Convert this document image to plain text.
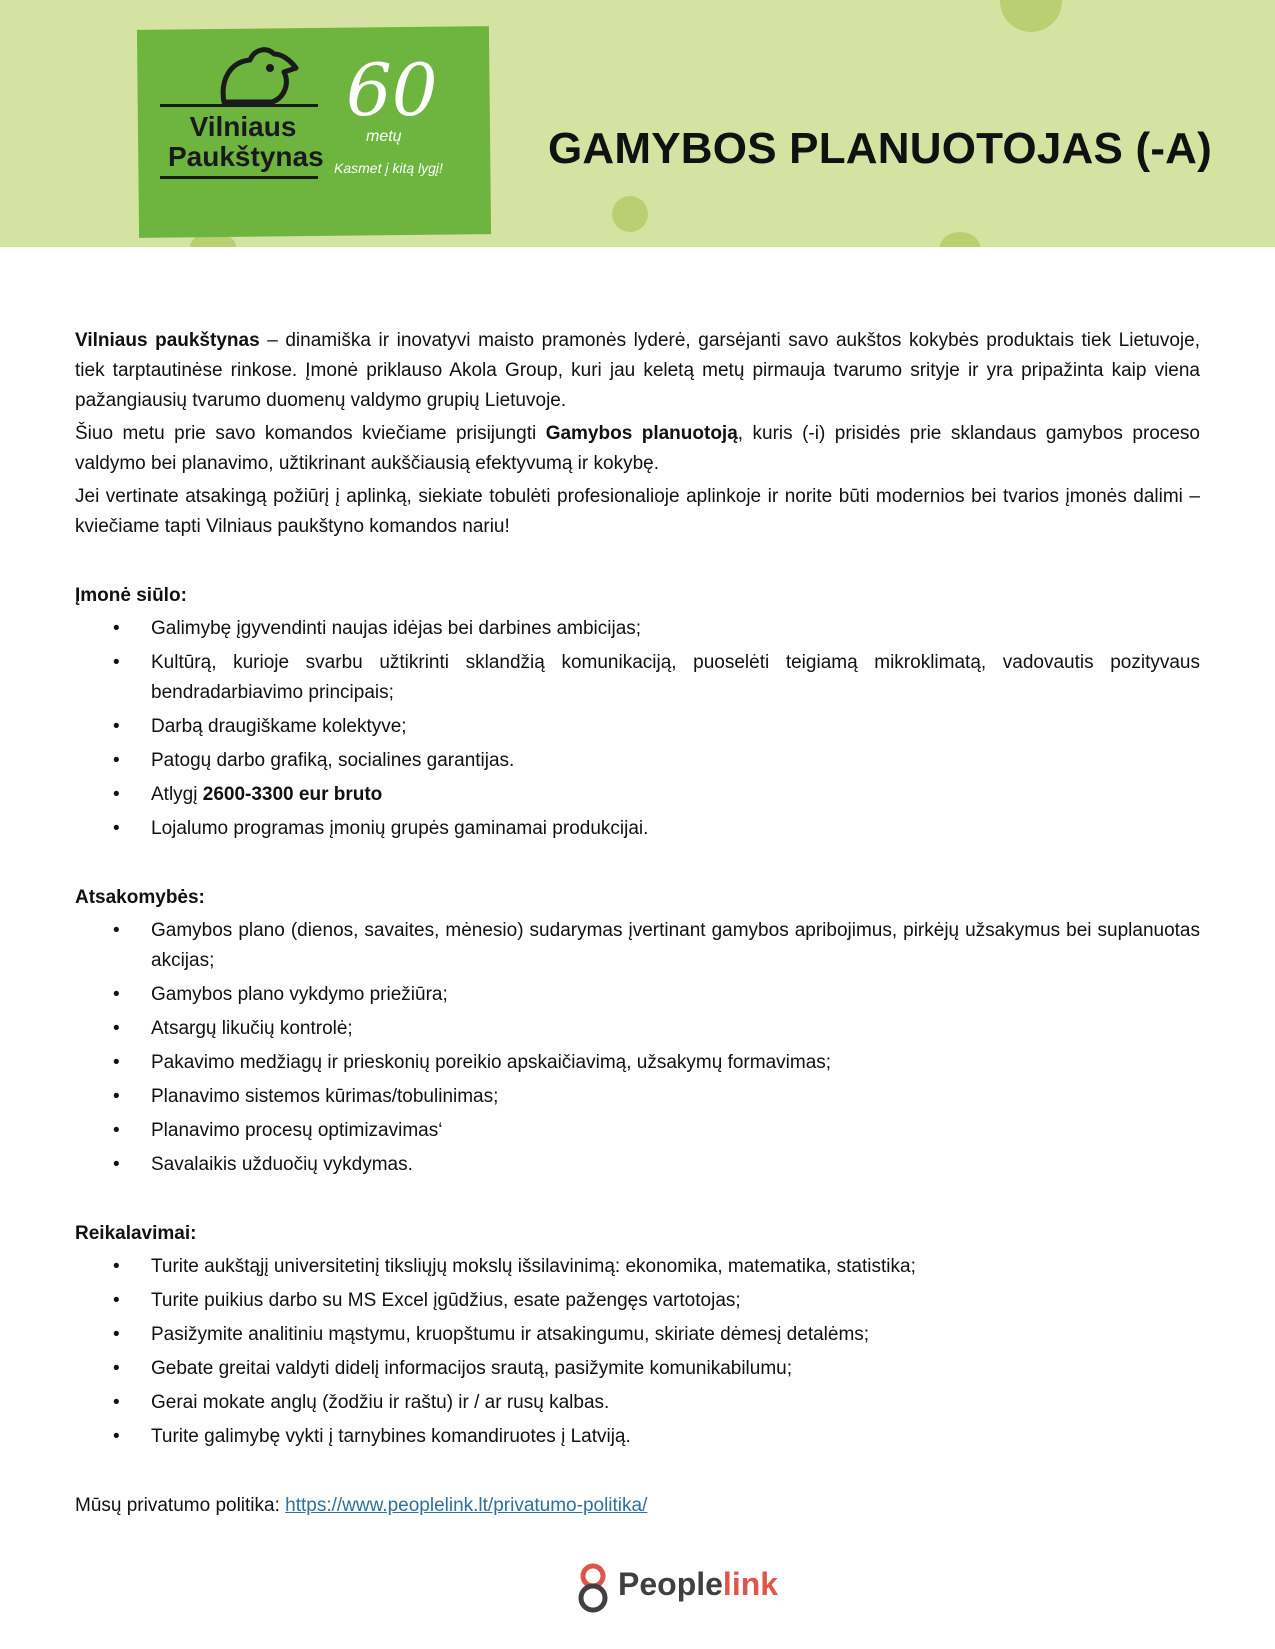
Vilniaus
Paukštynas
60
metų
Kasmet į kitą lygį! GAMYBOS PLANUOTOJAS (-A)

Vilniaus paukštynas – dinamiška ir inovatyvi maisto pramonės lyderė, garsėjanti savo aukštos kokybės produktais tiek Lietuvoje, tiek tarptautinėse rinkose. Įmonė priklauso Akola Group, kuri jau keletą metų pirmauja tvarumo srityje ir yra pripažinta kaip viena pažangiausių tvarumo duomenų valdymo grupių Lietuvoje.

Šiuo metu prie savo komandos kviečiame prisijungti Gamybos planuotoją, kuris (-i) prisidės prie sklandaus gamybos proceso valdymo bei planavimo, užtikrinant aukščiausią efektyvumą ir kokybę.

Jei vertinate atsakingą požiūrį į aplinką, siekiate tobulėti profesionalioje aplinkoje ir norite būti modernios bei tvarios įmonės dalimi – kviečiame tapti Vilniaus paukštyno komandos nariu!

Įmonė siūlo:

• Galimybę įgyvendinti naujas idėjas bei darbines ambicijas;
• Kultūrą, kurioje svarbu užtikrinti sklandžią komunikaciją, puoselėti teigiamą mikroklimatą, vadovautis pozityvaus bendradarbiavimo principais;
• Darbą draugiškame kolektyve;
• Patogų darbo grafiką, socialines garantijas.
• Atlygį 2600-3300 eur bruto
• Lojalumo programas įmonių grupės gaminamai produkcijai.

Atsakomybės:

• Gamybos plano (dienos, savaites, mėnesio) sudarymas įvertinant gamybos apribojimus, pirkėjų užsakymus bei suplanuotas akcijas;
• Gamybos plano vykdymo priežiūra;
• Atsargų likučių kontrolė;
• Pakavimo medžiagų ir prieskonių poreikio apskaičiavimą, užsakymų formavimas;
• Planavimo sistemos kūrimas/tobulinimas;
• Planavimo procesų optimizavimas‘
• Savalaikis užduočių vykdymas.

Reikalavimai:

• Turite aukštąjį universitetinį tiksliųjų mokslų išsilavinimą: ekonomika, matematika, statistika;
• Turite puikius darbo su MS Excel įgūdžius, esate pažengęs vartotojas;
• Pasižymite analitiniu mąstymu, kruopštumu ir atsakingumu, skiriate dėmesį detalėms;
• Gebate greitai valdyti didelį informacijos srautą, pasižymite komunikabilumu;
• Gerai mokate anglų (žodžiu ir raštu) ir / ar rusų kalbas.
• Turite galimybę vykti į tarnybines komandiruotes į Latviją.

Mūsų privatumo politika: https://www.peoplelink.lt/privatumo-politika/

Peoplelink
